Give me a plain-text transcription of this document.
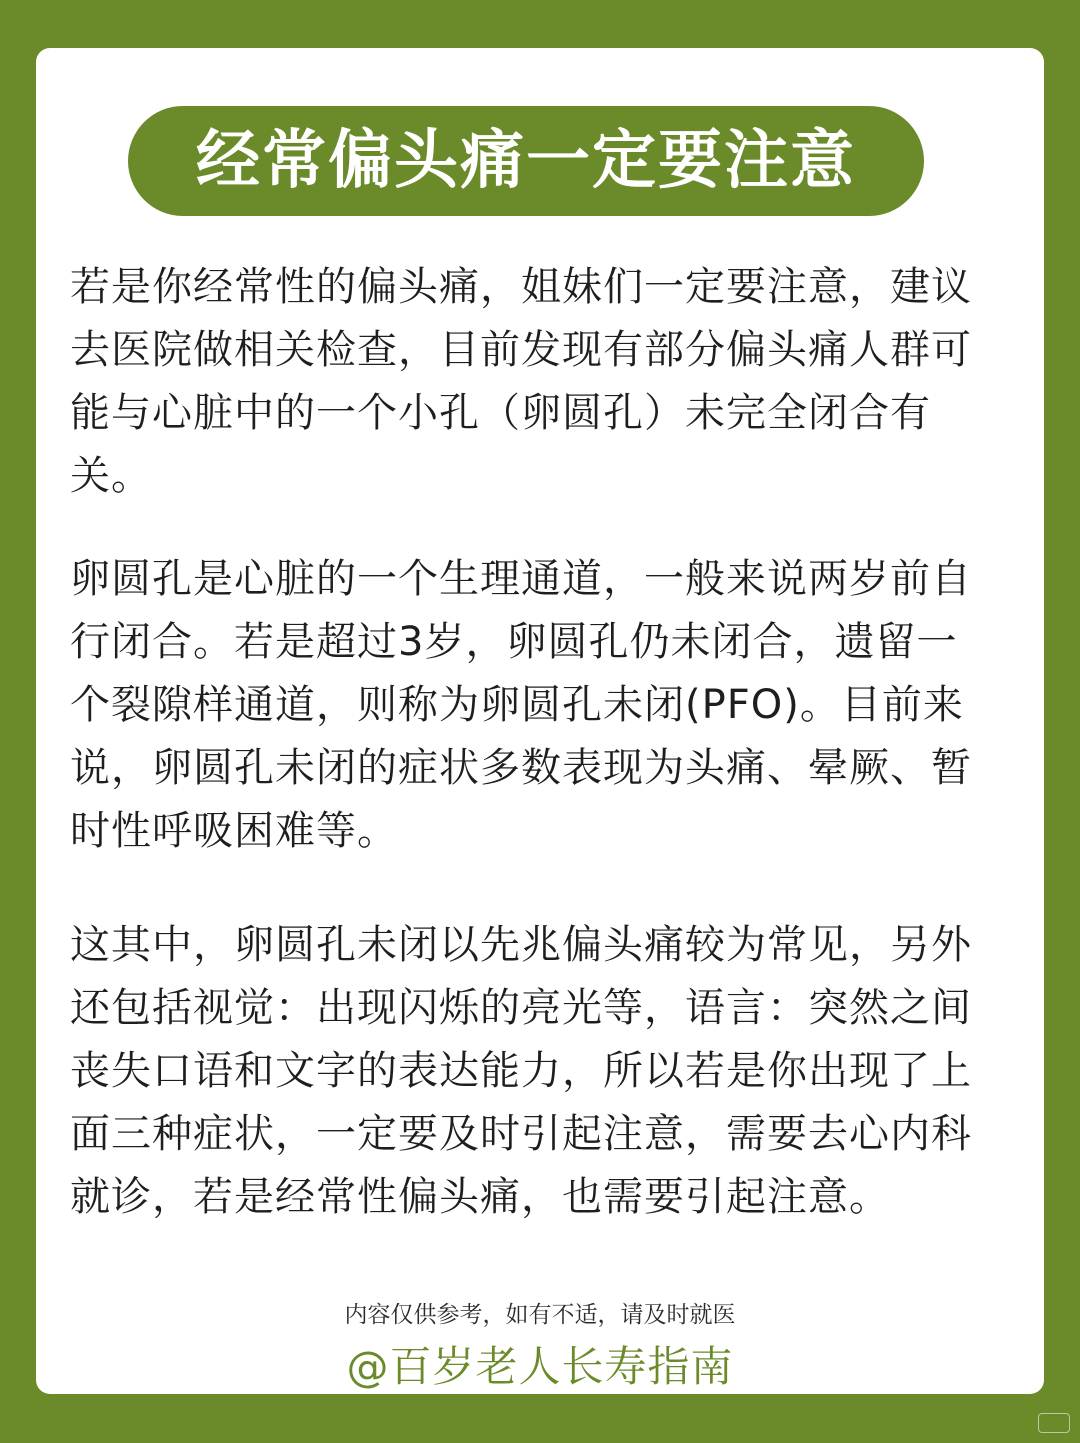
经常偏头痛一定要注意

若是你经常性的偏头痛，姐妹们一定要注意，建议去医院做相关检查，目前发现有部分偏头痛人群可能与心脏中的一个小孔（卵圆孔）未完全闭合有关。

卵圆孔是心脏的一个生理通道，一般来说两岁前自行闭合。若是超过3岁，卵圆孔仍未闭合，遗留一个裂隙样通道，则称为卵圆孔未闭(PFO)。目前来说，卵圆孔未闭的症状多数表现为头痛、晕厥、暂时性呼吸困难等。

这其中，卵圆孔未闭以先兆偏头痛较为常见，另外还包括视觉：出现闪烁的亮光等，语言：突然之间丧失口语和文字的表达能力，所以若是你出现了上面三种症状，一定要及时引起注意，需要去心内科就诊，若是经常性偏头痛，也需要引起注意。

内容仅供参考，如有不适，请及时就医
@百岁老人长寿指南
